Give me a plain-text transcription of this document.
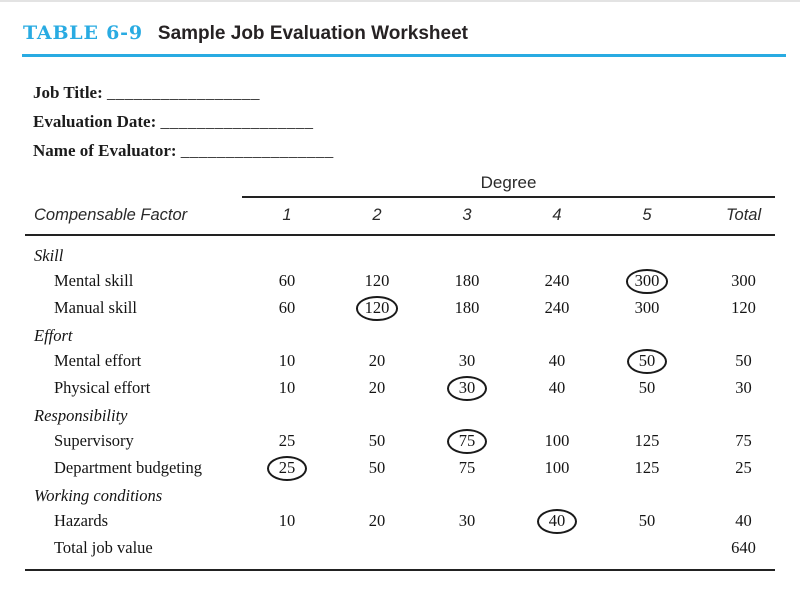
TABLE 6-9 Sample Job Evaluation Worksheet
Job Title: _________________
Evaluation Date: _________________
Name of Evaluator: _________________
	Degree					
Compensable Factor	1	2	3	4	5	Total
Skill						
Mental skill	60	120	180	240	300	300
Manual skill	60	120	180	240	300	120
Effort						
Mental effort	10	20	30	40	50	50
Physical effort	10	20	30	40	50	30
Responsibility						
Supervisory	25	50	75	100	125	75
Department budgeting	25	50	75	100	125	25
Working conditions						
Hazards	10	20	30	40	50	40
Total job value						640
